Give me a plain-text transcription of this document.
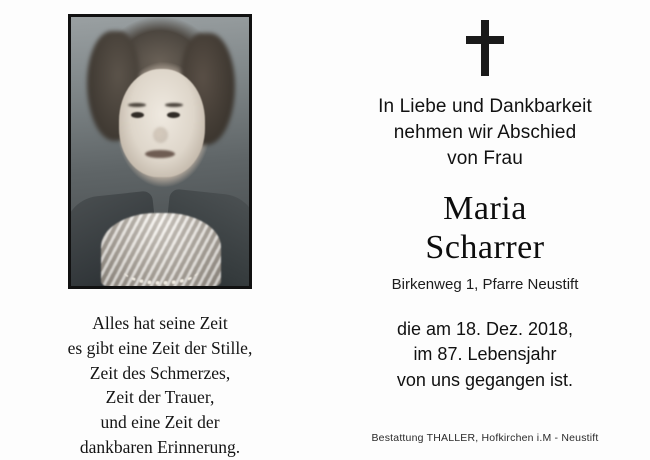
Alles hat seine Zeit
es gibt eine Zeit der Stille,
Zeit des Schmerzes,
Zeit der Trauer,
und eine Zeit der
dankbaren Erinnerung.
In Liebe und Dankbarkeit
nehmen wir Abschied
von Frau
Maria
Scharrer
Birkenweg 1, Pfarre Neustift
die am 18. Dez. 2018,
im 87. Lebensjahr
von uns gegangen ist.
Bestattung THALLER, Hofkirchen i.M - Neustift
